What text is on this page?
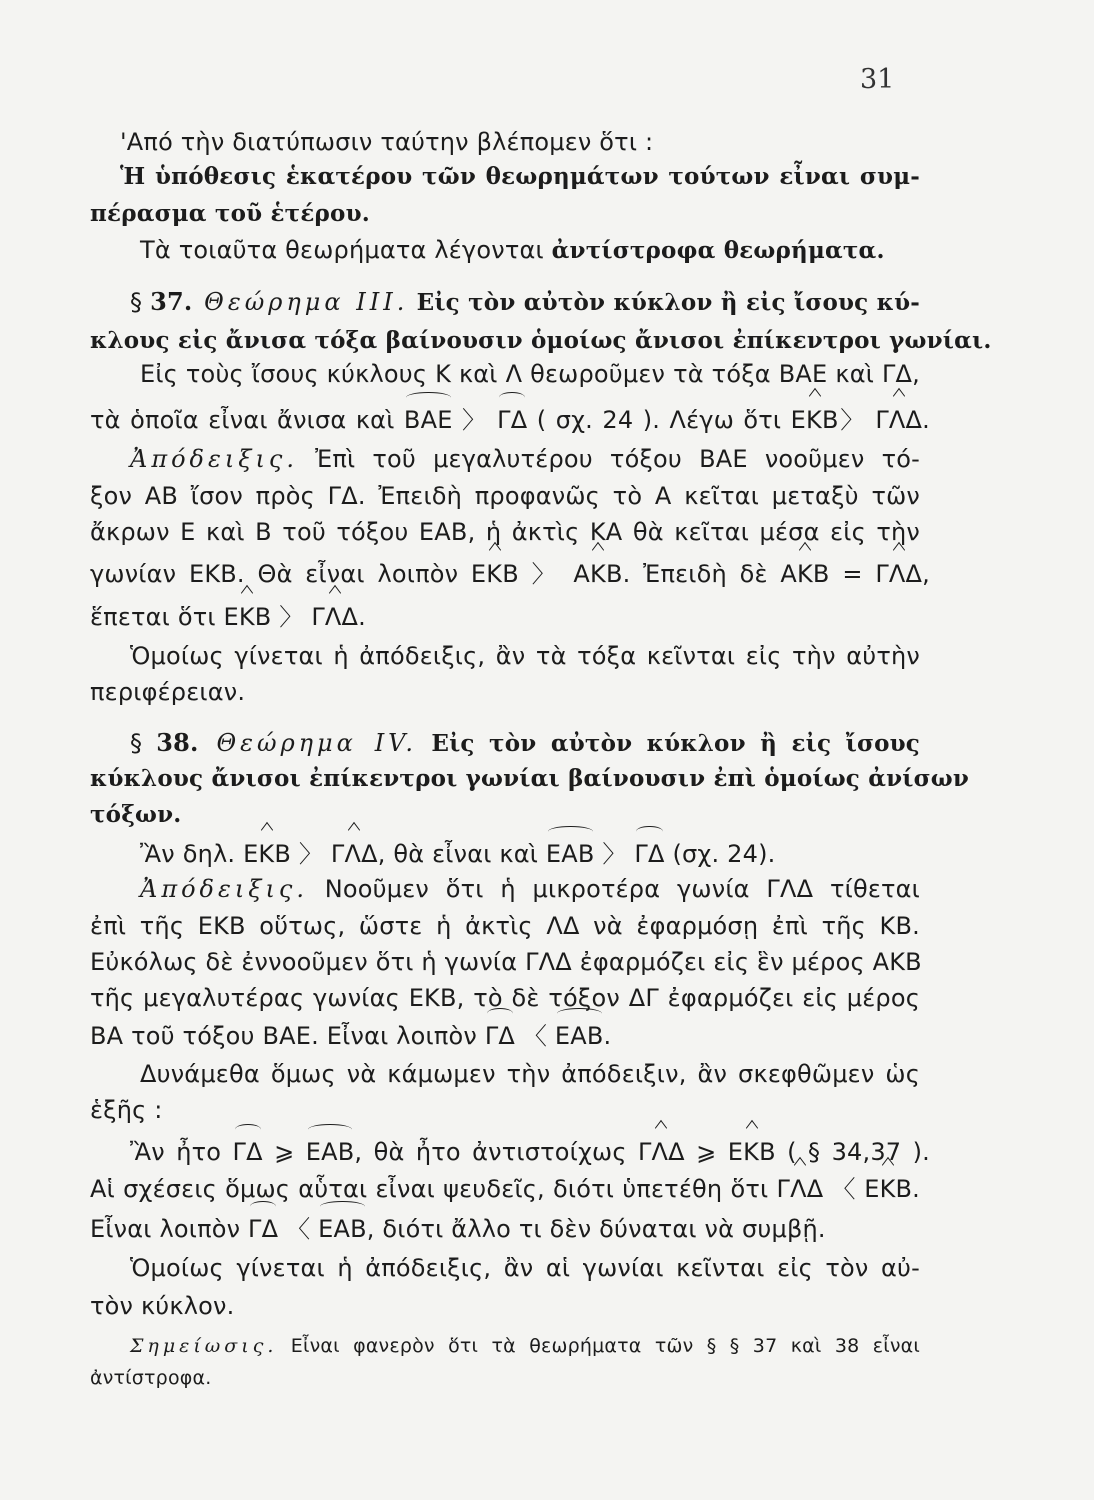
31
'Από τὴν διατύπωσιν ταύτην βλέπομεν ὅτι :
Ἡ ὑπόθεσις ἑκατέρου τῶν θεωρημάτων τούτων εἶναι συμ-
πέρασμα τοῦ ἑτέρου.
Τὰ τοιαῦτα θεωρήματα λέγονται ἀντίστροφα θεωρήματα.
§ 37. Θεώρημα III. Εἰς τὸν αὐτὸν κύκλον ἢ εἰς ἴσους κύ-
κλους εἰς ἄνισα τόξα βαίνουσιν ὁμοίως ἄνισοι ἐπίκεντροι γωνίαι.
Εἰς τοὺς ἴσους κύκλους Κ καὶ Λ θεωροῦμεν τὰ τόξα ΒΑΕ καὶ ΓΔ,
τὰ ὁποῖα εἶναι ἄνισα καὶ ΒΑΕ 〉 ΓΔ ( σχ. 24 ). Λέγω ὅτι ΕΚΒ〉 ΓΛΔ.
Ἀπόδειξις. Ἐπὶ τοῦ μεγαλυτέρου τόξου ΒΑΕ νοοῦμεν τό-
ξον ΑΒ ἴσον πρὸς ΓΔ. Ἐπειδὴ προφανῶς τὸ Α κεῖται μεταξὺ τῶν
ἄκρων Ε καὶ Β τοῦ τόξου ΕΑΒ, ἡ ἀκτὶς ΚΑ θὰ κεῖται μέσα εἰς τὴν
γωνίαν ΕΚΒ. Θὰ εἶναι λοιπὸν ΕΚΒ 〉 ΑΚΒ. Ἐπειδὴ δὲ ΑΚΒ = ΓΛΔ,
ἕπεται ὅτι ΕΚΒ 〉 ΓΛΔ.
Ὁμοίως γίνεται ἡ ἀπόδειξις, ἂν τὰ τόξα κεῖνται εἰς τὴν αὐτὴν
περιφέρειαν.
§ 38. Θεώρημα IV. Εἰς τὸν αὐτὸν κύκλον ἢ εἰς ἴσους
κύκλους ἄνισοι ἐπίκεντροι γωνίαι βαίνουσιν ἐπὶ ὁμοίως ἀνίσων
τόξων.
Ἂν δηλ. ΕΚΒ 〉 ΓΛΔ, θὰ εἶναι καὶ ΕΑΒ 〉 ΓΔ (σχ. 24).
Ἀπόδειξις. Νοοῦμεν ὅτι ἡ μικροτέρα γωνία ΓΛΔ τίθεται
ἐπὶ τῆς ΕΚΒ οὕτως, ὥστε ἡ ἀκτὶς ΛΔ νὰ ἐφαρμόσῃ ἐπὶ τῆς ΚΒ.
Εὐκόλως δὲ ἐννοοῦμεν ὅτι ἡ γωνία ΓΛΔ ἐφαρμόζει εἰς ἓν μέρος ΑΚΒ
τῆς μεγαλυτέρας γωνίας ΕΚΒ, τὸ δὲ τόξον ΔΓ ἐφαρμόζει εἰς μέρος
ΒΑ τοῦ τόξου ΒΑΕ. Εἶναι λοιπὸν ΓΔ 〈 ΕΑΒ.
Δυνάμεθα ὅμως νὰ κάμωμεν τὴν ἀπόδειξιν, ἂν σκεφθῶμεν ὡς
ἑξῆς :
Ἂν ἦτο ΓΔ ⩾ ΕΑΒ, θὰ ἦτο ἀντιστοίχως ΓΛΔ ⩾ ΕΚΒ ( § 34,37 ).
Αἱ σχέσεις ὅμως αὗται εἶναι ψευδεῖς, διότι ὑπετέθη ὅτι ΓΛΔ 〈 ΕΚΒ.
Εἶναι λοιπὸν ΓΔ 〈 ΕΑΒ, διότι ἄλλο τι δὲν δύναται νὰ συμβῇ.
Ὁμοίως γίνεται ἡ ἀπόδειξις, ἂν αἱ γωνίαι κεῖνται εἰς τὸν αὐ-
τὸν κύκλον.
Σημείωσις. Εἶναι φανερὸν ὅτι τὰ θεωρήματα τῶν § § 37 καὶ 38 εἶναι
ἀντίστροφα.
